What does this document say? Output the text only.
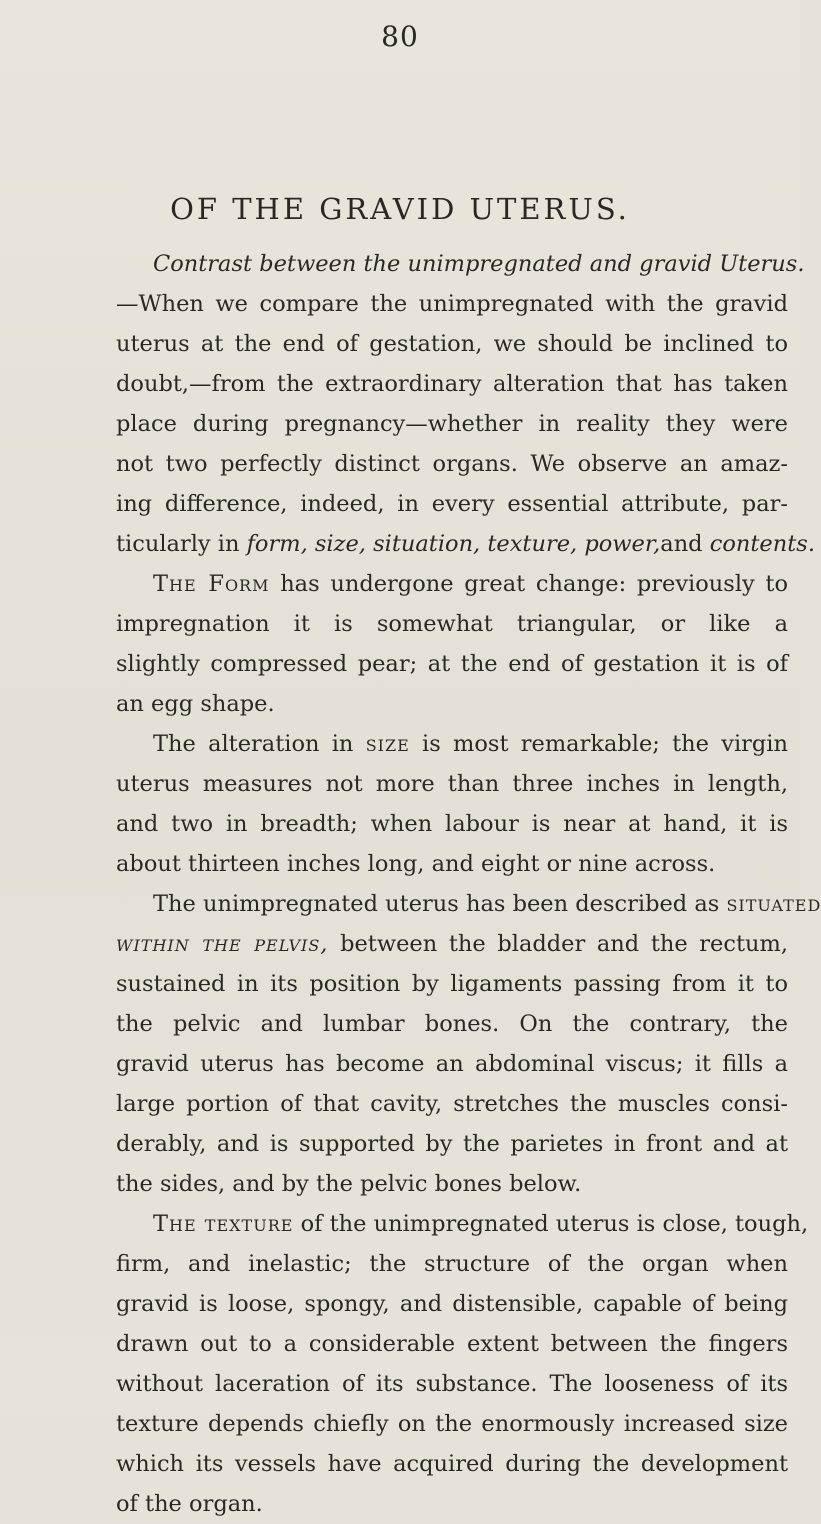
80
OF THE GRAVID UTERUS.
Contrast between the unimpregnated and gravid Uterus.
—When we compare the unimpregnated with the gravid
uterus at the end of gestation, we should be inclined to
doubt,—from the extraordinary alteration that has taken
place during pregnancy—whether in reality they were
not two perfectly distinct organs. We observe an amaz-
ing difference, indeed, in every essential attribute, par-
ticularly in form, size, situation, texture, power,and contents.
The Form has undergone great change: previously to
impregnation it is somewhat triangular, or like a
slightly compressed pear; at the end of gestation it is of
an egg shape.
The alteration in size is most remarkable; the virgin
uterus measures not more than three inches in length,
and two in breadth; when labour is near at hand, it is
about thirteen inches long, and eight or nine across.
The unimpregnated uterus has been described as situated
within the pelvis, between the bladder and the rectum,
sustained in its position by ligaments passing from it to
the pelvic and lumbar bones. On the contrary, the
gravid uterus has become an abdominal viscus; it fills a
large portion of that cavity, stretches the muscles consi-
derably, and is supported by the parietes in front and at
the sides, and by the pelvic bones below.
The texture of the unimpregnated uterus is close, tough,
firm, and inelastic; the structure of the organ when
gravid is loose, spongy, and distensible, capable of being
drawn out to a considerable extent between the fingers
without laceration of its substance. The looseness of its
texture depends chiefly on the enormously increased size
which its vessels have acquired during the development
of the organ.
